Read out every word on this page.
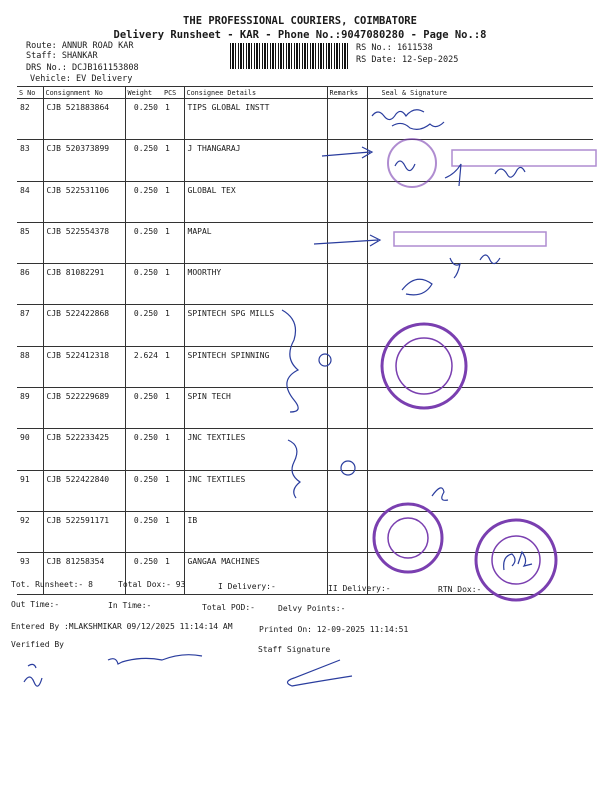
THE PROFESSIONAL COURIERS, COIMBATORE
Delivery Runsheet - KAR - Phone No.:9047080280 - Page No.:8
Route: ANNUR ROAD KAR
Staff: SHANKAR
DRS No.: DCJB161153808
Vehicle: EV Delivery
RS No.: 1611538
RS Date: 12-Sep-2025
S No	Consignment No	Weight	PCS	Consignee Details	Remarks	Seal & Signature
82	CJB 521883864	0.250	1	TIPS GLOBAL INSTT		
83	CJB 520373899	0.250	1	J THANGARAJ		
84	CJB 522531106	0.250	1	GLOBAL TEX		
85	CJB 522554378	0.250	1	MAPAL		
86	CJB 81082291	0.250	1	MOORTHY		
87	CJB 522422868	0.250	1	SPINTECH SPG MILLS		
88	CJB 522412318	2.624	1	SPINTECH SPINNING		
89	CJB 522229689	0.250	1	SPIN TECH		
90	CJB 522233425	0.250	1	JNC TEXTILES		
91	CJB 522422840	0.250	1	JNC TEXTILES		
92	CJB 522591171	0.250	1	IB		
93	CJB 81258354	0.250	1	GANGAA MACHINES		
Tot. Runsheet:- 8	Total Dox:- 93	I Delivery:-	II Delivery:-	RTN Dox:-
Out Time:-	In Time:-	Total POD:-	Delvy Points:-
Entered By :MLAKSHMIKAR 09/12/2025 11:14:14 AM	Printed On: 12-09-2025 11:14:51
Verified By
Staff Signature
